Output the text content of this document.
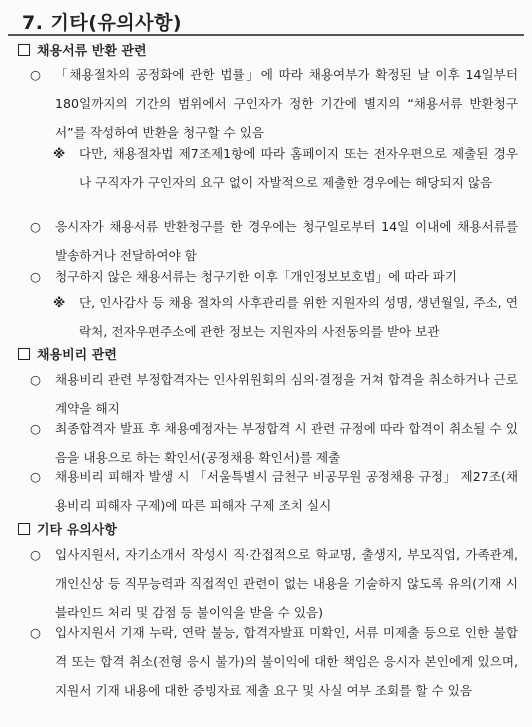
7. 기타(유의사항)
채용서류 반환 관련
○	「채용절차의 공정화에 관한 법률」에 따라 채용여부가 확정된 날 이후 14일부터 180일까지의 기간의 범위에서 구인자가 정한 기간에 별지의 “채용서류 반환청구서”를 작성하여 반환을 청구할 수 있음
※	다만, 채용절차법 제7조제1항에 따라 홈페이지 또는 전자우편으로 제출된 경우나 구직자가 구인자의 요구 없이 자발적으로 제출한 경우에는 해당되지 않음
○	응시자가 채용서류 반환청구를 한 경우에는 청구일로부터 14일 이내에 채용서류를 발송하거나 전달하여야 함
○	청구하지 않은 채용서류는 청구기한 이후「개인정보보호법」에 따라 파기
※	단, 인사감사 등 채용 절차의 사후관리를 위한 지원자의 성명, 생년월일, 주소, 연락처, 전자우편주소에 관한 정보는 지원자의 사전동의를 받아 보관
채용비리 관련
○	채용비리 관련 부정합격자는 인사위원회의 심의·결정을 거쳐 합격을 취소하거나 근로계약을 해지
○	최종합격자 발표 후 채용예정자는 부정합격 시 관련 규정에 따라 합격이 취소될 수 있음을 내용으로 하는 확인서(공정채용 확인서)를 제출
○	채용비리 피해자 발생 시 「서울특별시 금천구 비공무원 공정채용 규정」 제27조(채용비리 피해자 구제)에 따른 피해자 구제 조치 실시
기타 유의사항
○	입사지원서, 자기소개서 작성시 직·간접적으로 학교명, 출생지, 부모직업, 가족관계, 개인신상 등 직무능력과 직접적인 관련이 없는 내용을 기술하지 않도록 유의(기재 시 블라인드 처리 및 감점 등 불이익을 받을 수 있음)
○	입사지원서 기재 누락, 연락 불능, 합격자발표 미확인, 서류 미제출 등으로 인한 불합격 또는 합격 취소(전형 응시 불가)의 불이익에 대한 책임은 응시자 본인에게 있으며, 지원서 기재 내용에 대한 증빙자료 제출 요구 및 사실 여부 조회를 할 수 있음
